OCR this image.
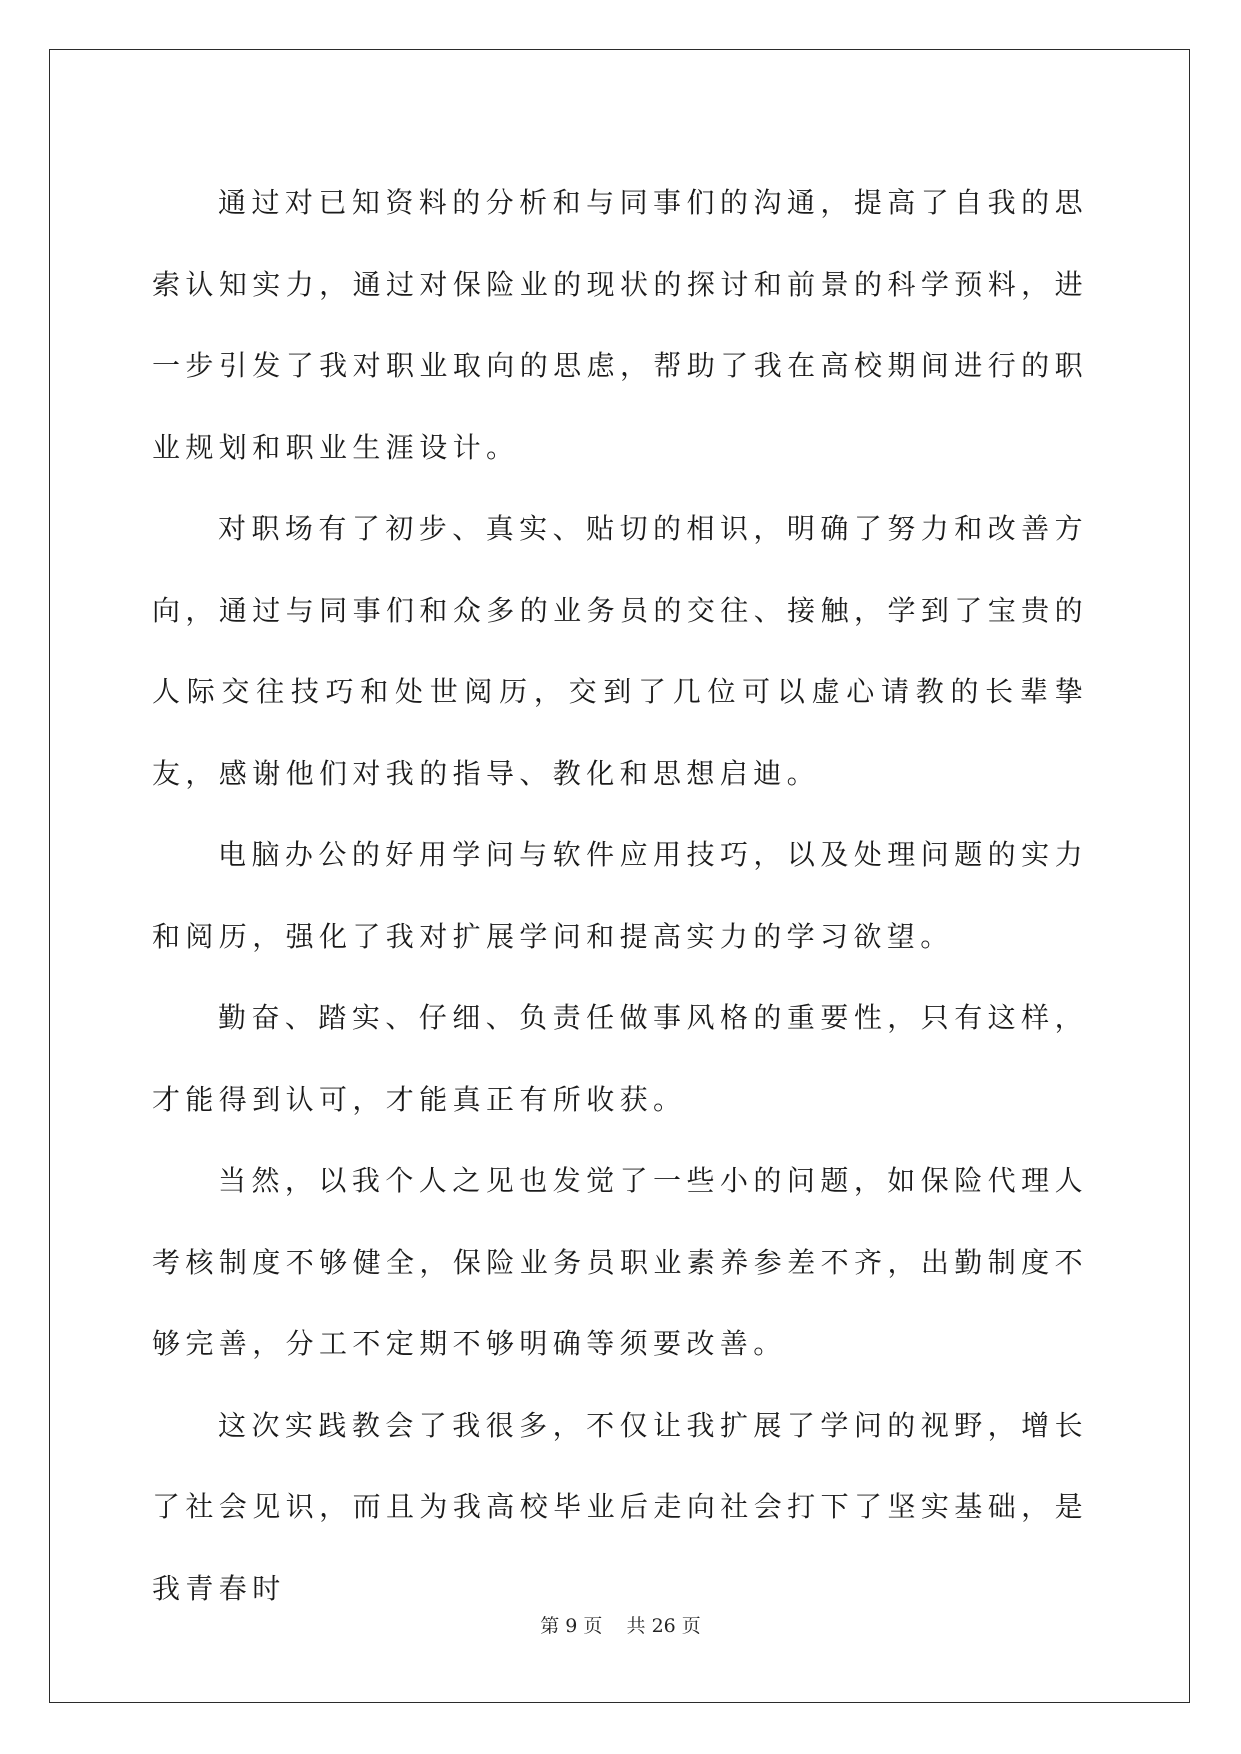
通过对已知资料的分析和与同事们的沟通，提高了自我的思索认知实力，通过对保险业的现状的探讨和前景的科学预料，进一步引发了我对职业取向的思虑，帮助了我在高校期间进行的职业规划和职业生涯设计。

对职场有了初步、真实、贴切的相识，明确了努力和改善方向，通过与同事们和众多的业务员的交往、接触，学到了宝贵的人际交往技巧和处世阅历，交到了几位可以虚心请教的长辈挚友，感谢他们对我的指导、教化和思想启迪。

电脑办公的好用学问与软件应用技巧，以及处理问题的实力和阅历，强化了我对扩展学问和提高实力的学习欲望。

勤奋、踏实、仔细、负责任做事风格的重要性，只有这样，才能得到认可，才能真正有所收获。

当然，以我个人之见也发觉了一些小的问题，如保险代理人考核制度不够健全，保险业务员职业素养参差不齐，出勤制度不够完善，分工不定期不够明确等须要改善。

这次实践教会了我很多，不仅让我扩展了学问的视野，增长了社会见识，而且为我高校毕业后走向社会打下了坚实基础，是我青春时

第 9 页 共 26 页
